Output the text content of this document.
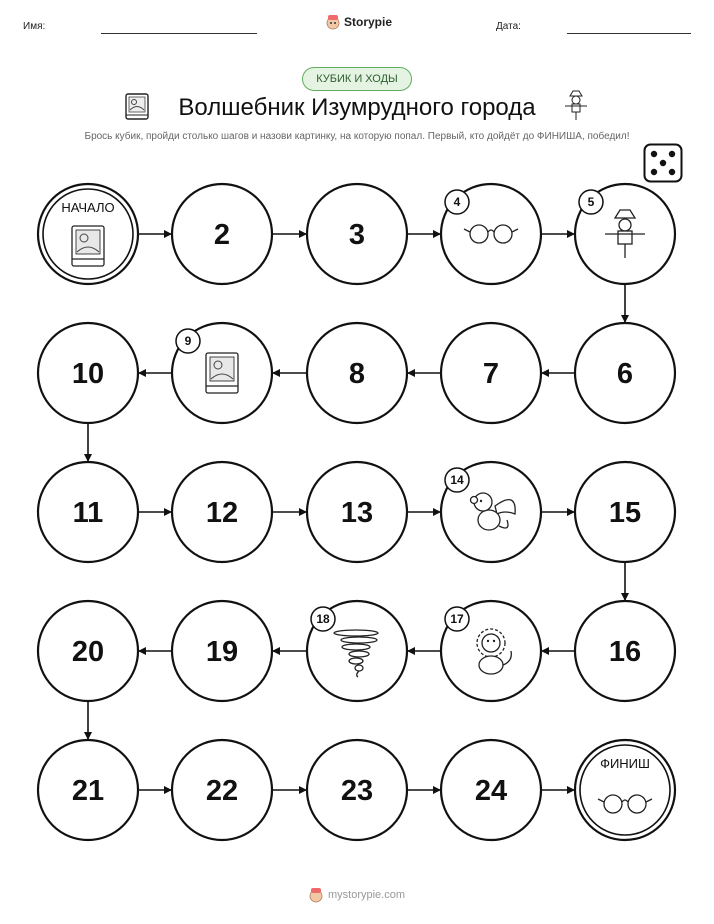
Имя:	Storypie	Дата:
КУБИК И ХОДЫ
Волшебник Изумрудного города
Брось кубик, пройди столько шагов и назови картинку, на которую попал. Первый, кто дойдёт до ФИНИША, победил!
НАЧАЛО
2	3
4	5
6
7
8
9
10
11	12	13
14
15
16
17
18
19
20
21	22	23	24
ФИНИШ
mystorypie.com
